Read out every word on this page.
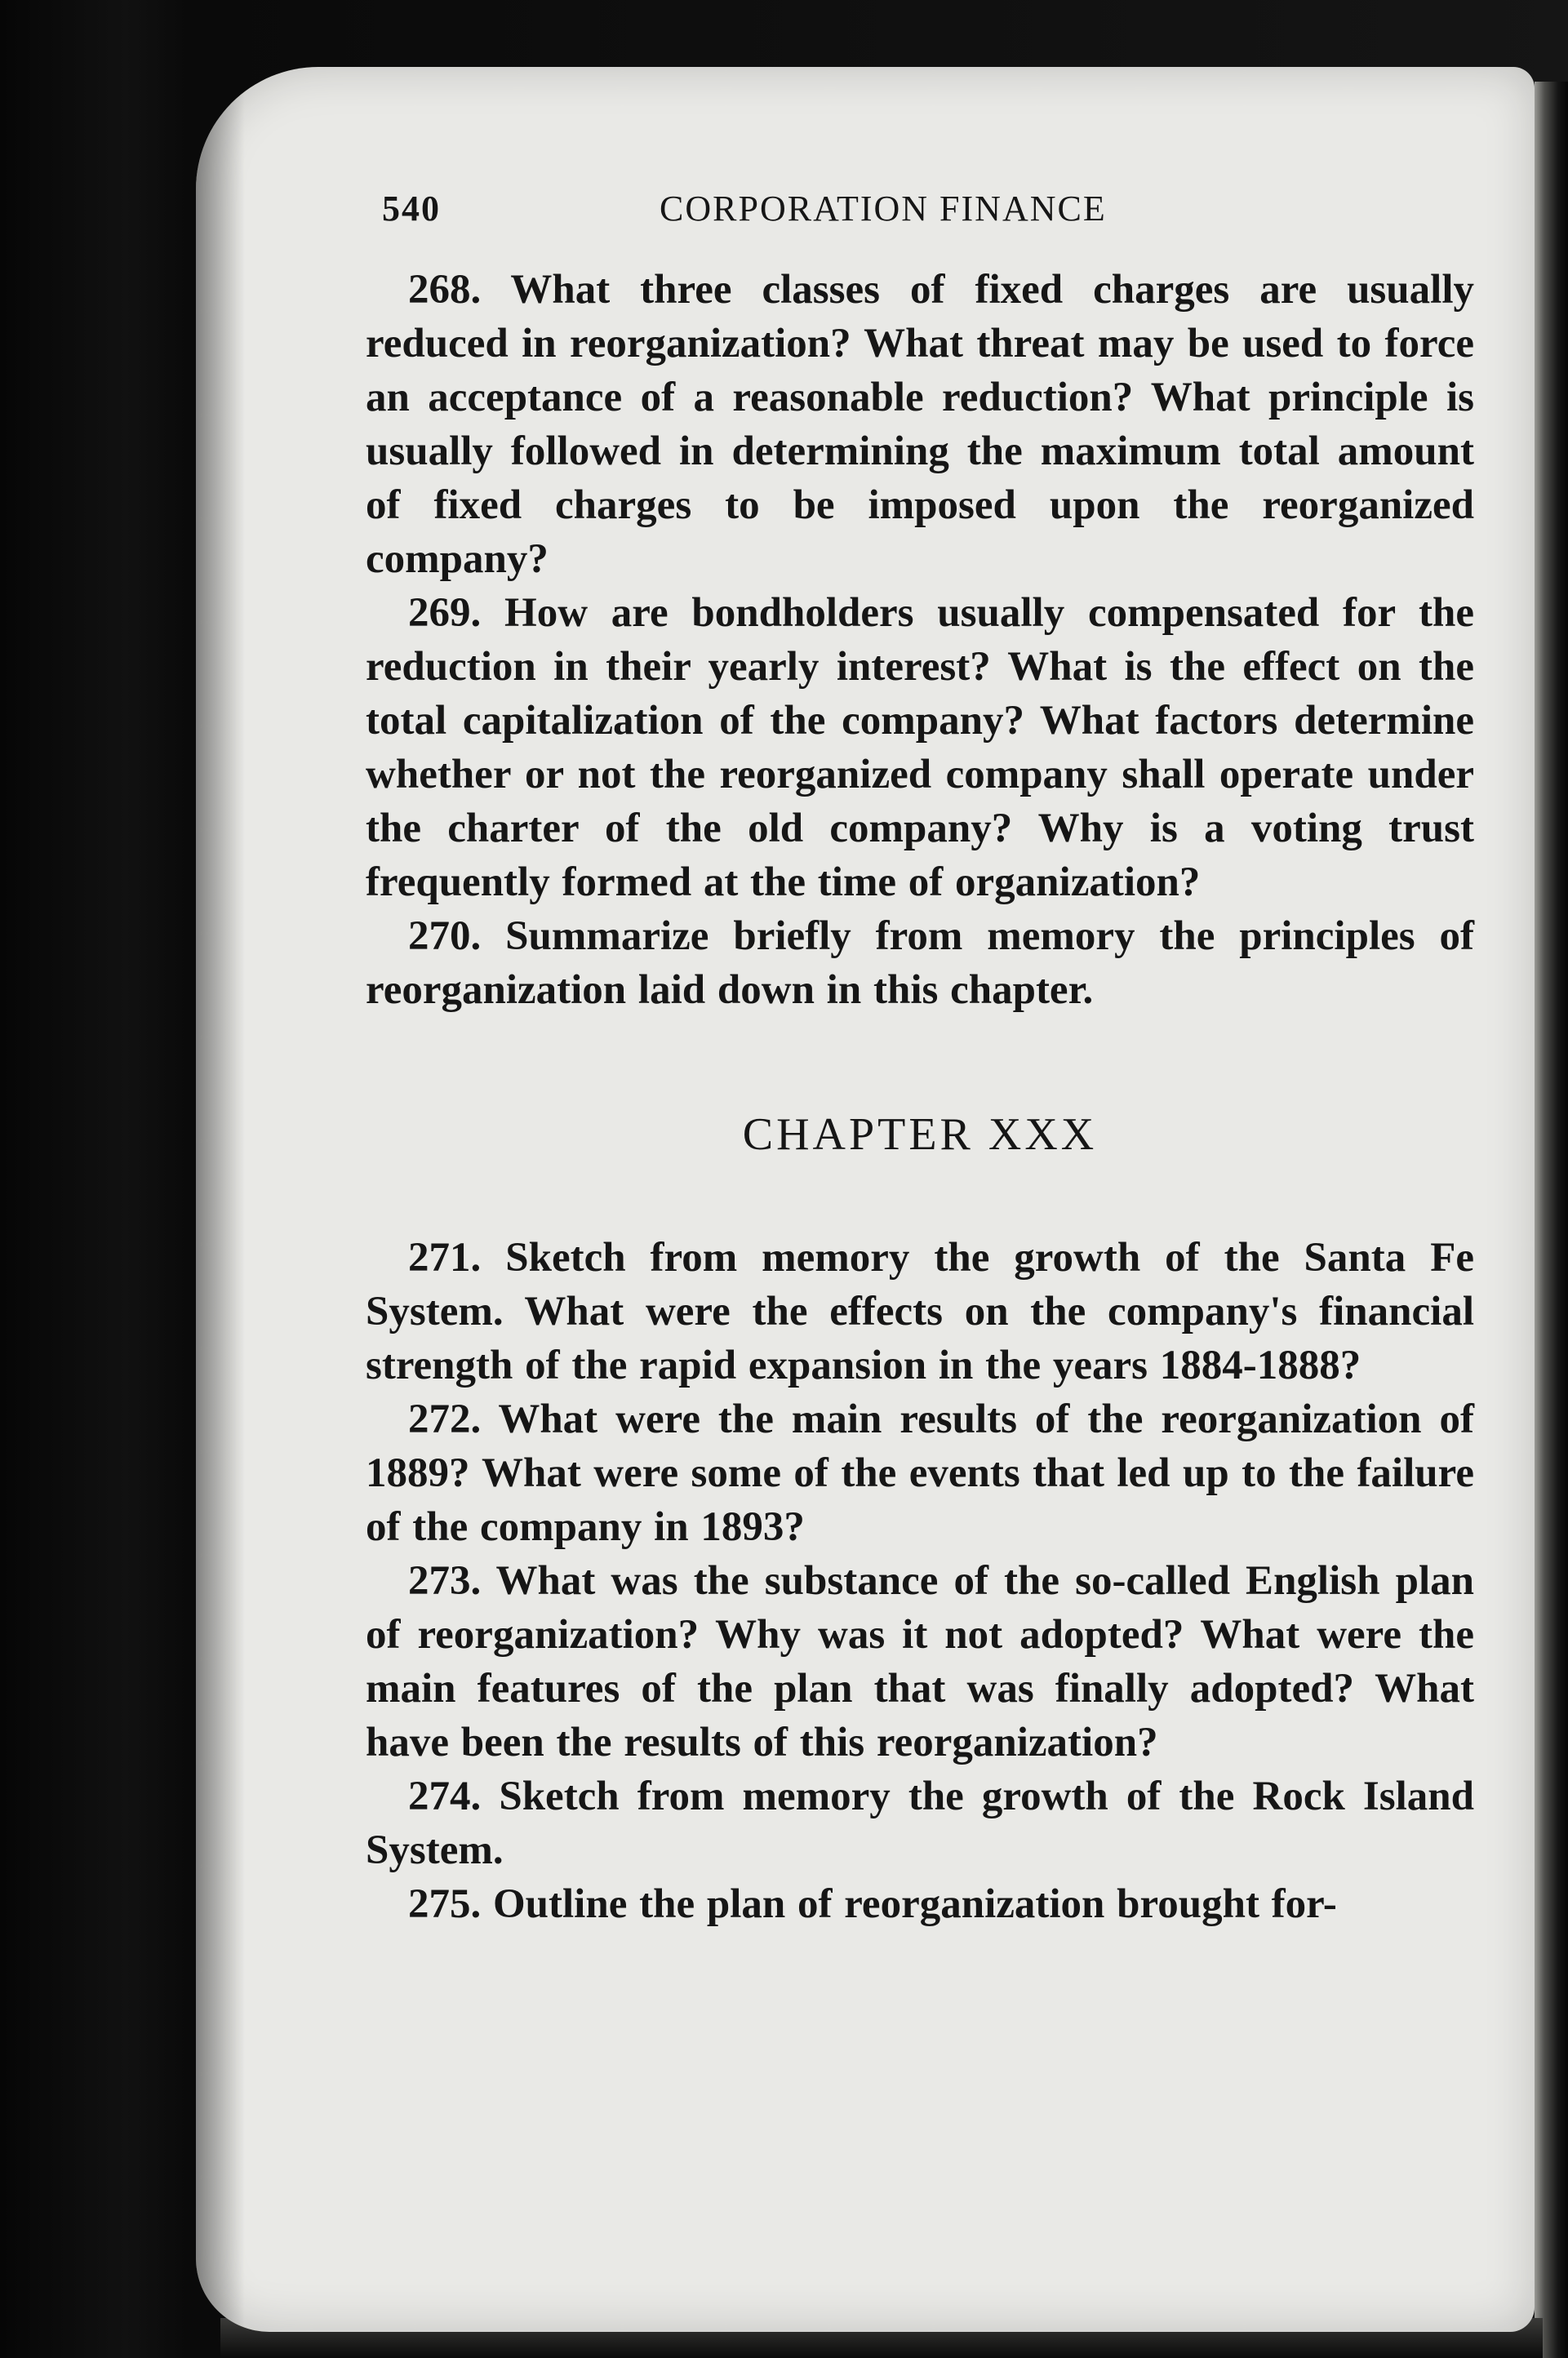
540	CORPORATION FINANCE

268. What three classes of fixed charges are usually reduced in reorganization? What threat may be used to force an acceptance of a reasonable reduction? What principle is usually followed in determining the maximum total amount of fixed charges to be imposed upon the reorganized company?

269. How are bondholders usually compensated for the reduction in their yearly interest? What is the effect on the total capitalization of the company? What factors determine whether or not the reorganized company shall operate under the charter of the old company? Why is a voting trust frequently formed at the time of organization?

270. Summarize briefly from memory the principles of reorganization laid down in this chapter.

CHAPTER XXX

271. Sketch from memory the growth of the Santa Fe System. What were the effects on the company's financial strength of the rapid expansion in the years 1884-1888?

272. What were the main results of the reorganization of 1889? What were some of the events that led up to the failure of the company in 1893?

273. What was the substance of the so-called English plan of reorganization? Why was it not adopted? What were the main features of the plan that was finally adopted? What have been the results of this reorganization?

274. Sketch from memory the growth of the Rock Island System.

275. Outline the plan of reorganization brought for-
